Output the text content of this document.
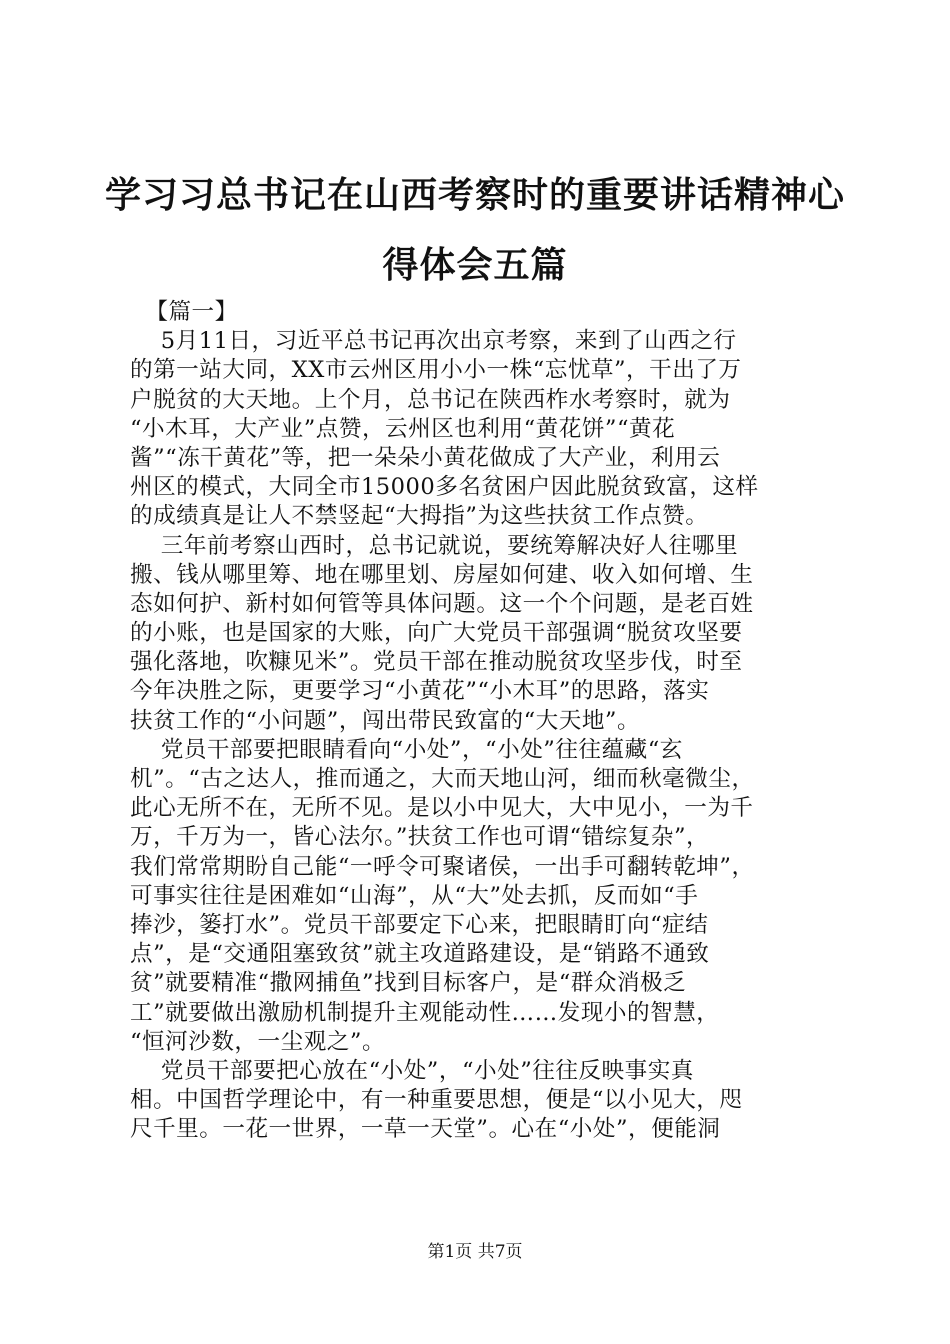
学习习总书记在山西考察时的重要讲话精神心
得体会五篇
【篇一】
5月11日，习近平总书记再次出京考察，来到了山西之行
的第一站大同，XX市云州区用小小一株“忘忧草”，干出了万
户脱贫的大天地。上个月，总书记在陕西柞水考察时，就为
“小木耳，大产业”点赞，云州区也利用“黄花饼”“黄花
酱”“冻干黄花”等，把一朵朵小黄花做成了大产业，利用云
州区的模式，大同全市15000多名贫困户因此脱贫致富，这样
的成绩真是让人不禁竖起“大拇指”为这些扶贫工作点赞。
三年前考察山西时，总书记就说，要统筹解决好人往哪里
搬、钱从哪里筹、地在哪里划、房屋如何建、收入如何增、生
态如何护、新村如何管等具体问题。这一个个问题，是老百姓
的小账，也是国家的大账，向广大党员干部强调“脱贫攻坚要
强化落地，吹糠见米”。党员干部在推动脱贫攻坚步伐，时至
今年决胜之际，更要学习“小黄花”“小木耳”的思路，落实
扶贫工作的“小问题”，闯出带民致富的“大天地”。
党员干部要把眼睛看向“小处”，“小处”往往蕴藏“玄
机”。“古之达人，推而通之，大而天地山河，细而秋毫微尘，
此心无所不在，无所不见。是以小中见大，大中见小，一为千
万，千万为一，皆心法尔。”扶贫工作也可谓“错综复杂”，
我们常常期盼自己能“一呼令可聚诸侯，一出手可翻转乾坤”，
可事实往往是困难如“山海”，从“大”处去抓，反而如“手
捧沙，篓打水”。党员干部要定下心来，把眼睛盯向“症结
点”，是“交通阻塞致贫”就主攻道路建设，是“销路不通致
贫”就要精准“撒网捕鱼”找到目标客户，是“群众消极乏
工”就要做出激励机制提升主观能动性……发现小的智慧，
“恒河沙数，一尘观之”。
党员干部要把心放在“小处”，“小处”往往反映事实真
相。中国哲学理论中，有一种重要思想，便是“以小见大，咫
尺千里。一花一世界，一草一天堂”。心在“小处”，便能洞
第1页 共7页
